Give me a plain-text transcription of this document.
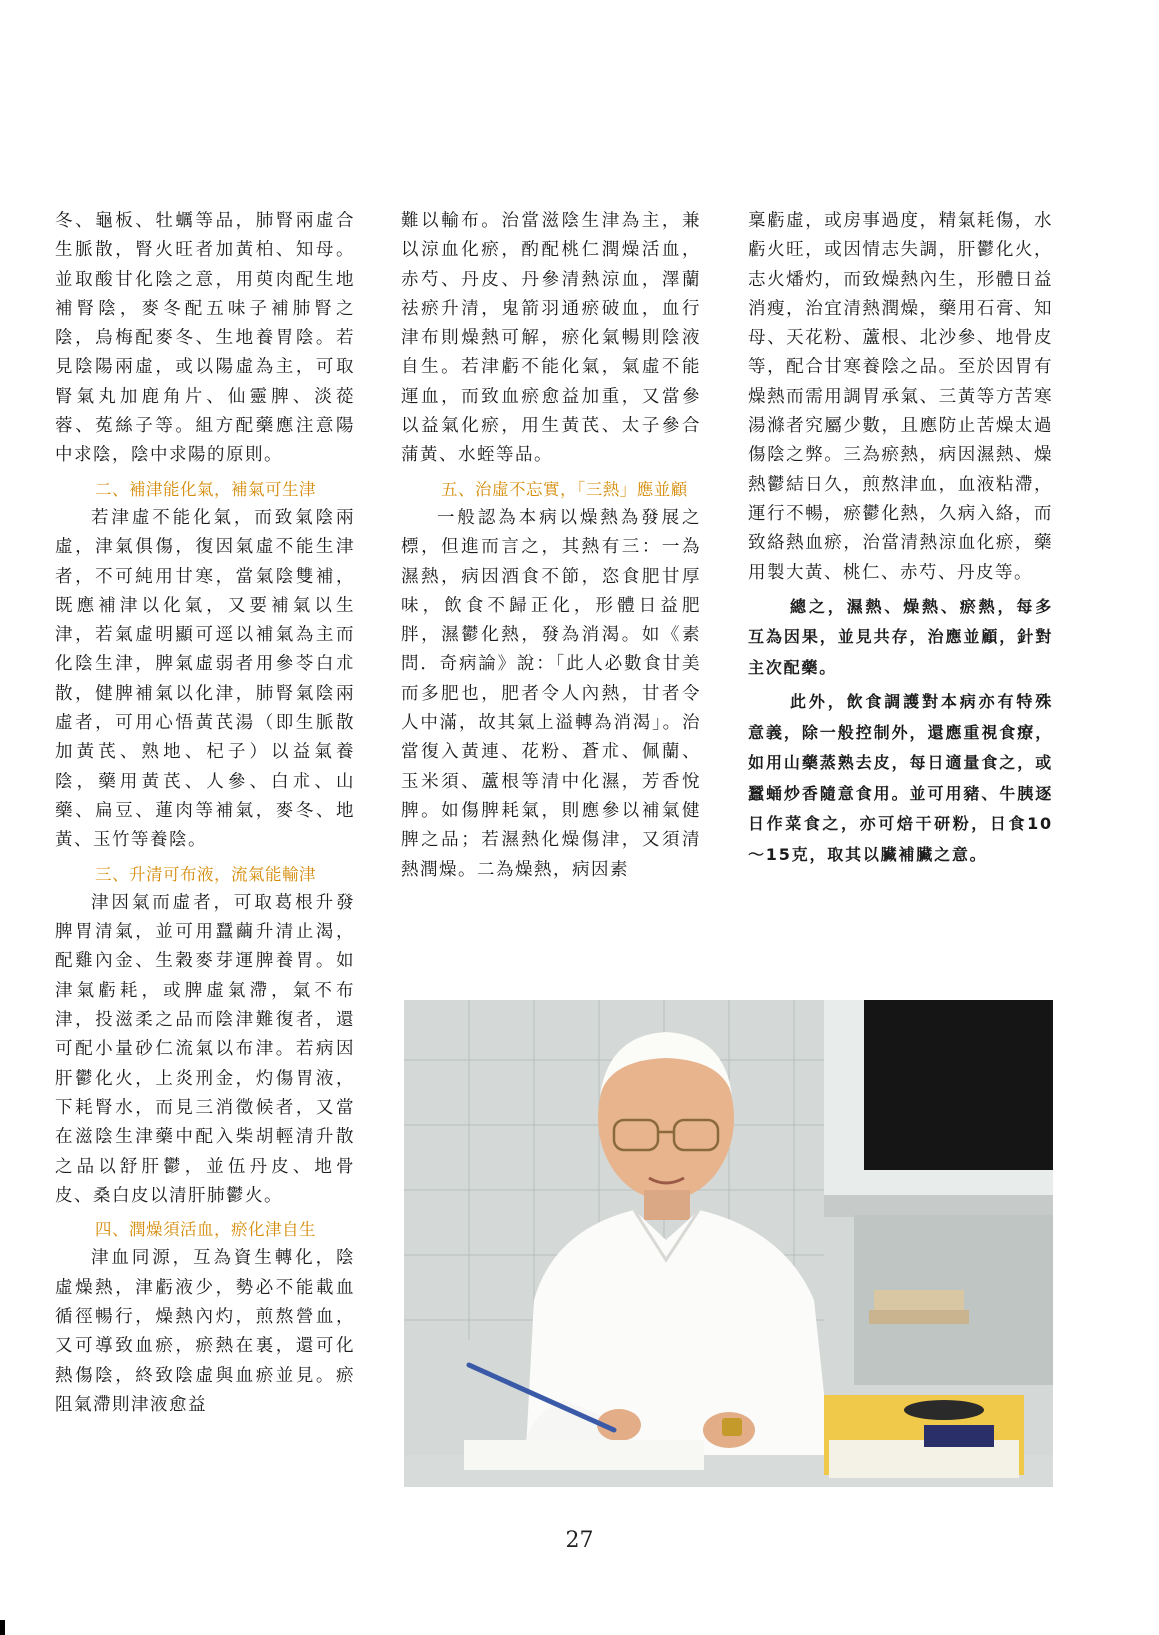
冬、龜板、牡蠣等品，肺腎兩虛合生脈散，腎火旺者加黃柏、知母。並取酸甘化陰之意，用萸肉配生地補腎陰，麥冬配五味子補肺腎之陰，烏梅配麥冬、生地養胃陰。若見陰陽兩虛，或以陽虛為主，可取腎氣丸加鹿角片、仙靈脾、淡蓯蓉、菟絲子等。組方配藥應注意陽中求陰，陰中求陽的原則。

二、補津能化氣，補氣可生津

若津虛不能化氣，而致氣陰兩虛，津氣俱傷，復因氣虛不能生津者，不可純用甘寒，當氣陰雙補，既應補津以化氣，又要補氣以生津，若氣虛明顯可逕以補氣為主而化陰生津，脾氣虛弱者用參苓白朮散，健脾補氣以化津，肺腎氣陰兩虛者，可用心悟黃芪湯（即生脈散加黃芪、熟地、杞子）以益氣養陰，藥用黃芪、人參、白朮、山藥、扁豆、蓮肉等補氣，麥冬、地黃、玉竹等養陰。

三、升清可布液，流氣能輸津

津因氣而虛者，可取葛根升發脾胃清氣，並可用蠶繭升清止渴，配雞內金、生穀麥芽運脾養胃。如津氣虧耗，或脾虛氣滯，氣不布津，投滋柔之品而陰津難復者，還可配小量砂仁流氣以布津。若病因肝鬱化火，上炎刑金，灼傷胃液，下耗腎水，而見三消徵候者，又當在滋陰生津藥中配入柴胡輕清升散之品以舒肝鬱，並伍丹皮、地骨皮、桑白皮以清肝肺鬱火。

四、潤燥須活血，瘀化津自生

津血同源，互為資生轉化，陰虛燥熱，津虧液少，勢必不能載血循徑暢行，燥熱內灼，煎熬營血，又可導致血瘀，瘀熱在裏，還可化熱傷陰，終致陰虛與血瘀並見。瘀阻氣滯則津液愈益

難以輸布。治當滋陰生津為主，兼以涼血化瘀，酌配桃仁潤燥活血，赤芍、丹皮、丹參清熱涼血，澤蘭祛瘀升清，鬼箭羽通瘀破血，血行津布則燥熱可解，瘀化氣暢則陰液自生。若津虧不能化氣，氣虛不能運血，而致血瘀愈益加重，又當參以益氣化瘀，用生黃芪、太子參合蒲黃、水蛭等品。

五、治虛不忘實，「三熱」應並顧

一般認為本病以燥熱為發展之標，但進而言之，其熱有三：一為濕熱，病因酒食不節，恣食肥甘厚味，飲食不歸正化，形體日益肥胖，濕鬱化熱，發為消渴。如《素問．奇病論》說：「此人必數食甘美而多肥也，肥者令人內熱，甘者令人中滿，故其氣上溢轉為消渴」。治當復入黃連、花粉、蒼朮、佩蘭、玉米須、蘆根等清中化濕，芳香悅脾。如傷脾耗氣，則應參以補氣健脾之品；若濕熱化燥傷津，又須清熱潤燥。二為燥熱，病因素

稟虧虛，或房事過度，精氣耗傷，水虧火旺，或因情志失調，肝鬱化火，志火燔灼，而致燥熱內生，形體日益消瘦，治宜清熱潤燥，藥用石膏、知母、天花粉、蘆根、北沙參、地骨皮等，配合甘寒養陰之品。至於因胃有燥熱而需用調胃承氣、三黃等方苦寒湯滌者究屬少數，且應防止苦燥太過傷陰之弊。三為瘀熱，病因濕熱、燥熱鬱結日久，煎熬津血，血液粘滯，運行不暢，瘀鬱化熱，久病入絡，而致絡熱血瘀，治當清熱涼血化瘀，藥用製大黃、桃仁、赤芍、丹皮等。

總之，濕熱、燥熱、瘀熱，每多互為因果，並見共存，治應並顧，針對主次配藥。

此外，飲食調護對本病亦有特殊意義，除一般控制外，還應重視食療，如用山藥蒸熟去皮，每日適量食之，或蠶蛹炒香隨意食用。並可用豬、牛胰逐日作菜食之，亦可焙干研粉，日食10～15克，取其以臟補臟之意。

27
